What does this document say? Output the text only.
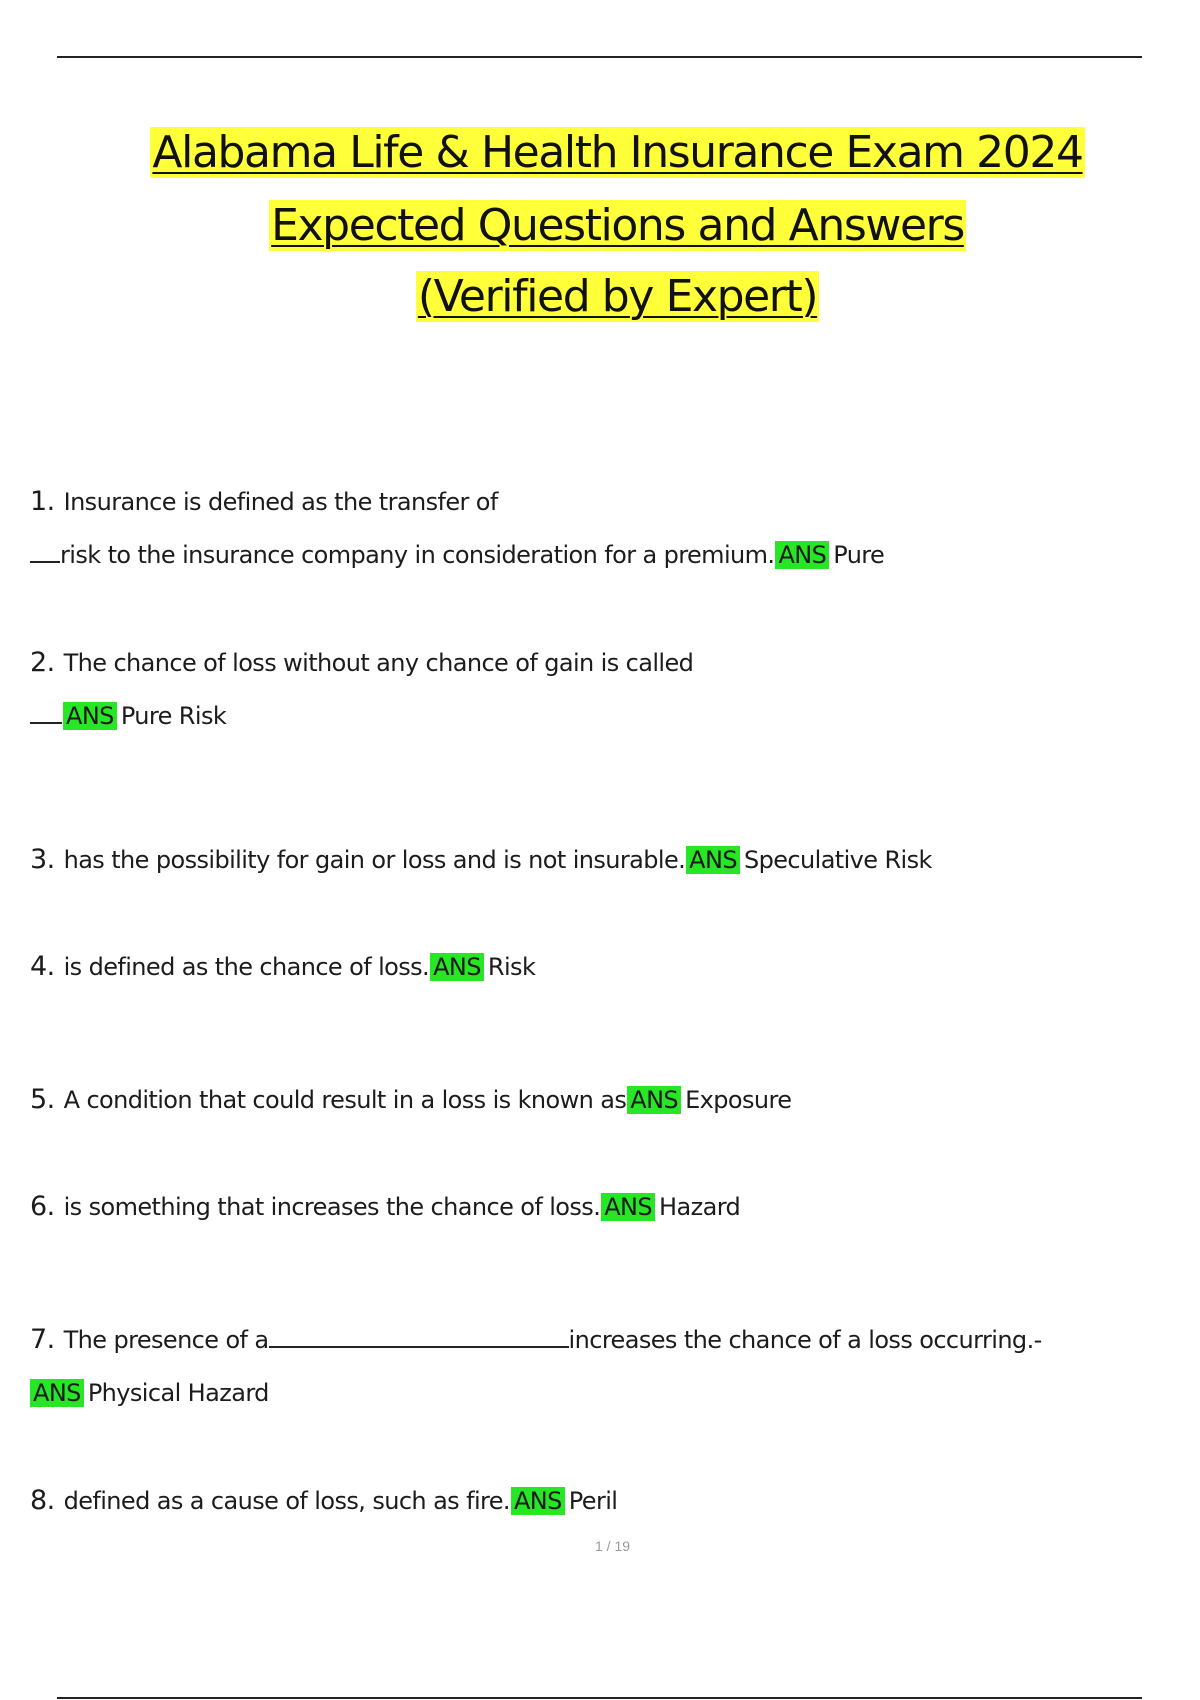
Alabama Life & Health Insurance Exam 2024
Expected Questions and Answers
(Verified by Expert)
1. Insurance is defined as the transfer of
risk to the insurance company in consideration for a premium. ANS Pure
2. The chance of loss without any chance of gain is called
ANS Pure Risk
3. has the possibility for gain or loss and is not insurable. ANS Speculative Risk
4. is defined as the chance of loss. ANS Risk
5. A condition that could result in a loss is known as ANS Exposure
6. is something that increases the chance of loss. ANS Hazard
7. The presence of a	increases the chance of a loss occurring.-
ANS Physical Hazard
8. defined as a cause of loss, such as fire. ANS Peril
1 / 19
